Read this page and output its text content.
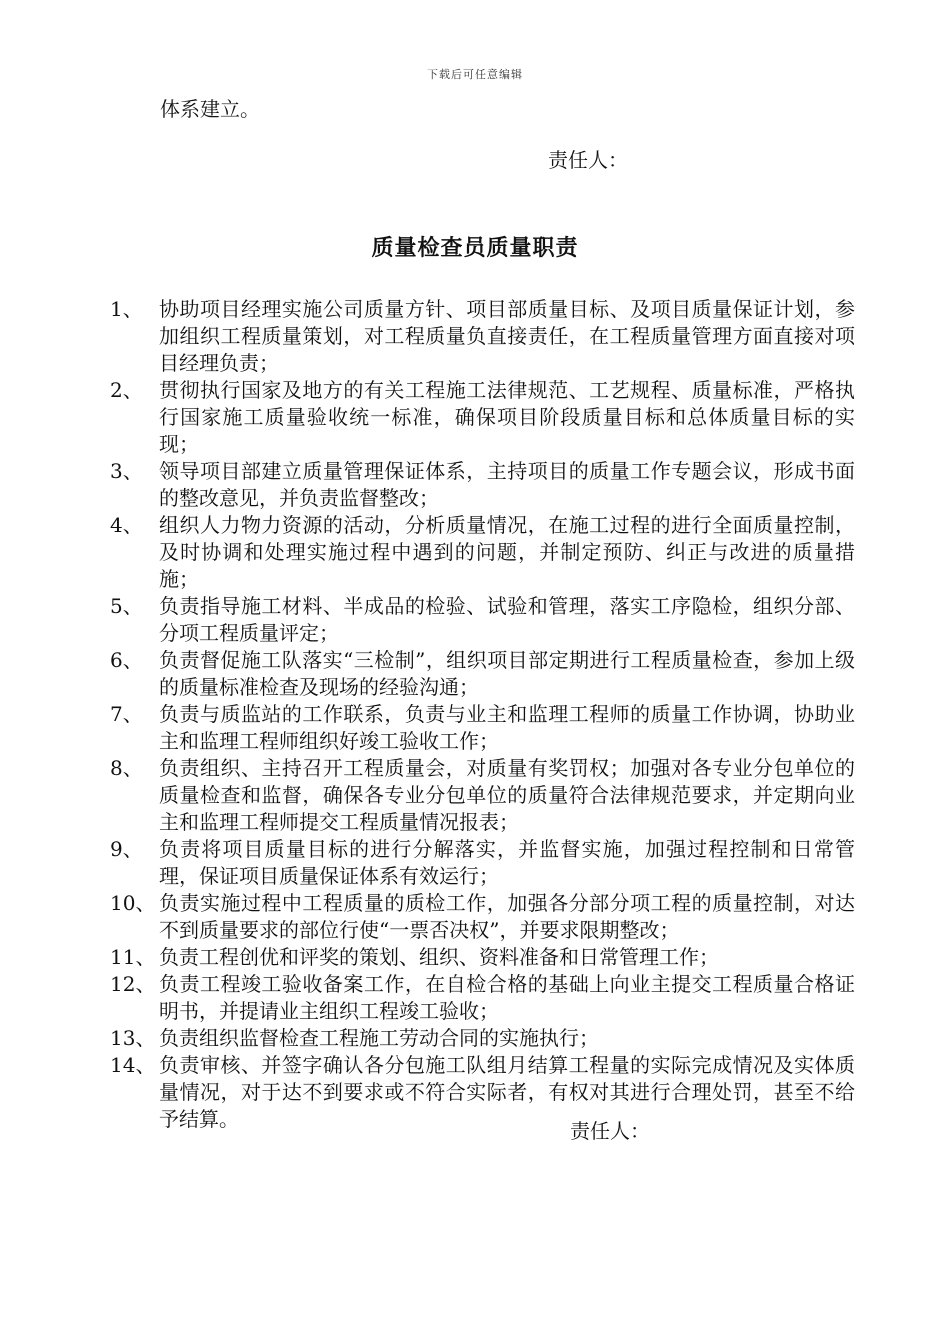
下载后可任意编辑
体系建立。
责任人：
质量检查员质量职责
1、 协助项目经理实施公司质量方针、项目部质量目标、及项目质量保证计划，参加组织工程质量策划，对工程质量负直接责任，在工程质量管理方面直接对项目经理负责；
2、 贯彻执行国家及地方的有关工程施工法律规范、工艺规程、质量标准，严格执行国家施工质量验收统一标准，确保项目阶段质量目标和总体质量目标的实现；
3、 领导项目部建立质量管理保证体系，主持项目的质量工作专题会议，形成书面的整改意见，并负责监督整改；
4、 组织人力物力资源的活动，分析质量情况，在施工过程的进行全面质量控制，及时协调和处理实施过程中遇到的问题，并制定预防、纠正与改进的质量措施；
5、 负责指导施工材料、半成品的检验、试验和管理，落实工序隐检，组织分部、分项工程质量评定；
6、 负责督促施工队落实“三检制”，组织项目部定期进行工程质量检查，参加上级的质量标准检查及现场的经验沟通；
7、 负责与质监站的工作联系，负责与业主和监理工程师的质量工作协调，协助业主和监理工程师组织好竣工验收工作；
8、 负责组织、主持召开工程质量会，对质量有奖罚权；加强对各专业分包单位的质量检查和监督，确保各专业分包单位的质量符合法律规范要求，并定期向业主和监理工程师提交工程质量情况报表；
9、 负责将项目质量目标的进行分解落实，并监督实施，加强过程控制和日常管理，保证项目质量保证体系有效运行；
10、 负责实施过程中工程质量的质检工作，加强各分部分项工程的质量控制，对达不到质量要求的部位行使“一票否决权”，并要求限期整改；
11、 负责工程创优和评奖的策划、组织、资料准备和日常管理工作；
12、 负责工程竣工验收备案工作，在自检合格的基础上向业主提交工程质量合格证明书，并提请业主组织工程竣工验收；
13、 负责组织监督检查工程施工劳动合同的实施执行；
14、 负责审核、并签字确认各分包施工队组月结算工程量的实际完成情况及实体质量情况，对于达不到要求或不符合实际者，有权对其进行合理处罚，甚至不给予结算。	责任人：
